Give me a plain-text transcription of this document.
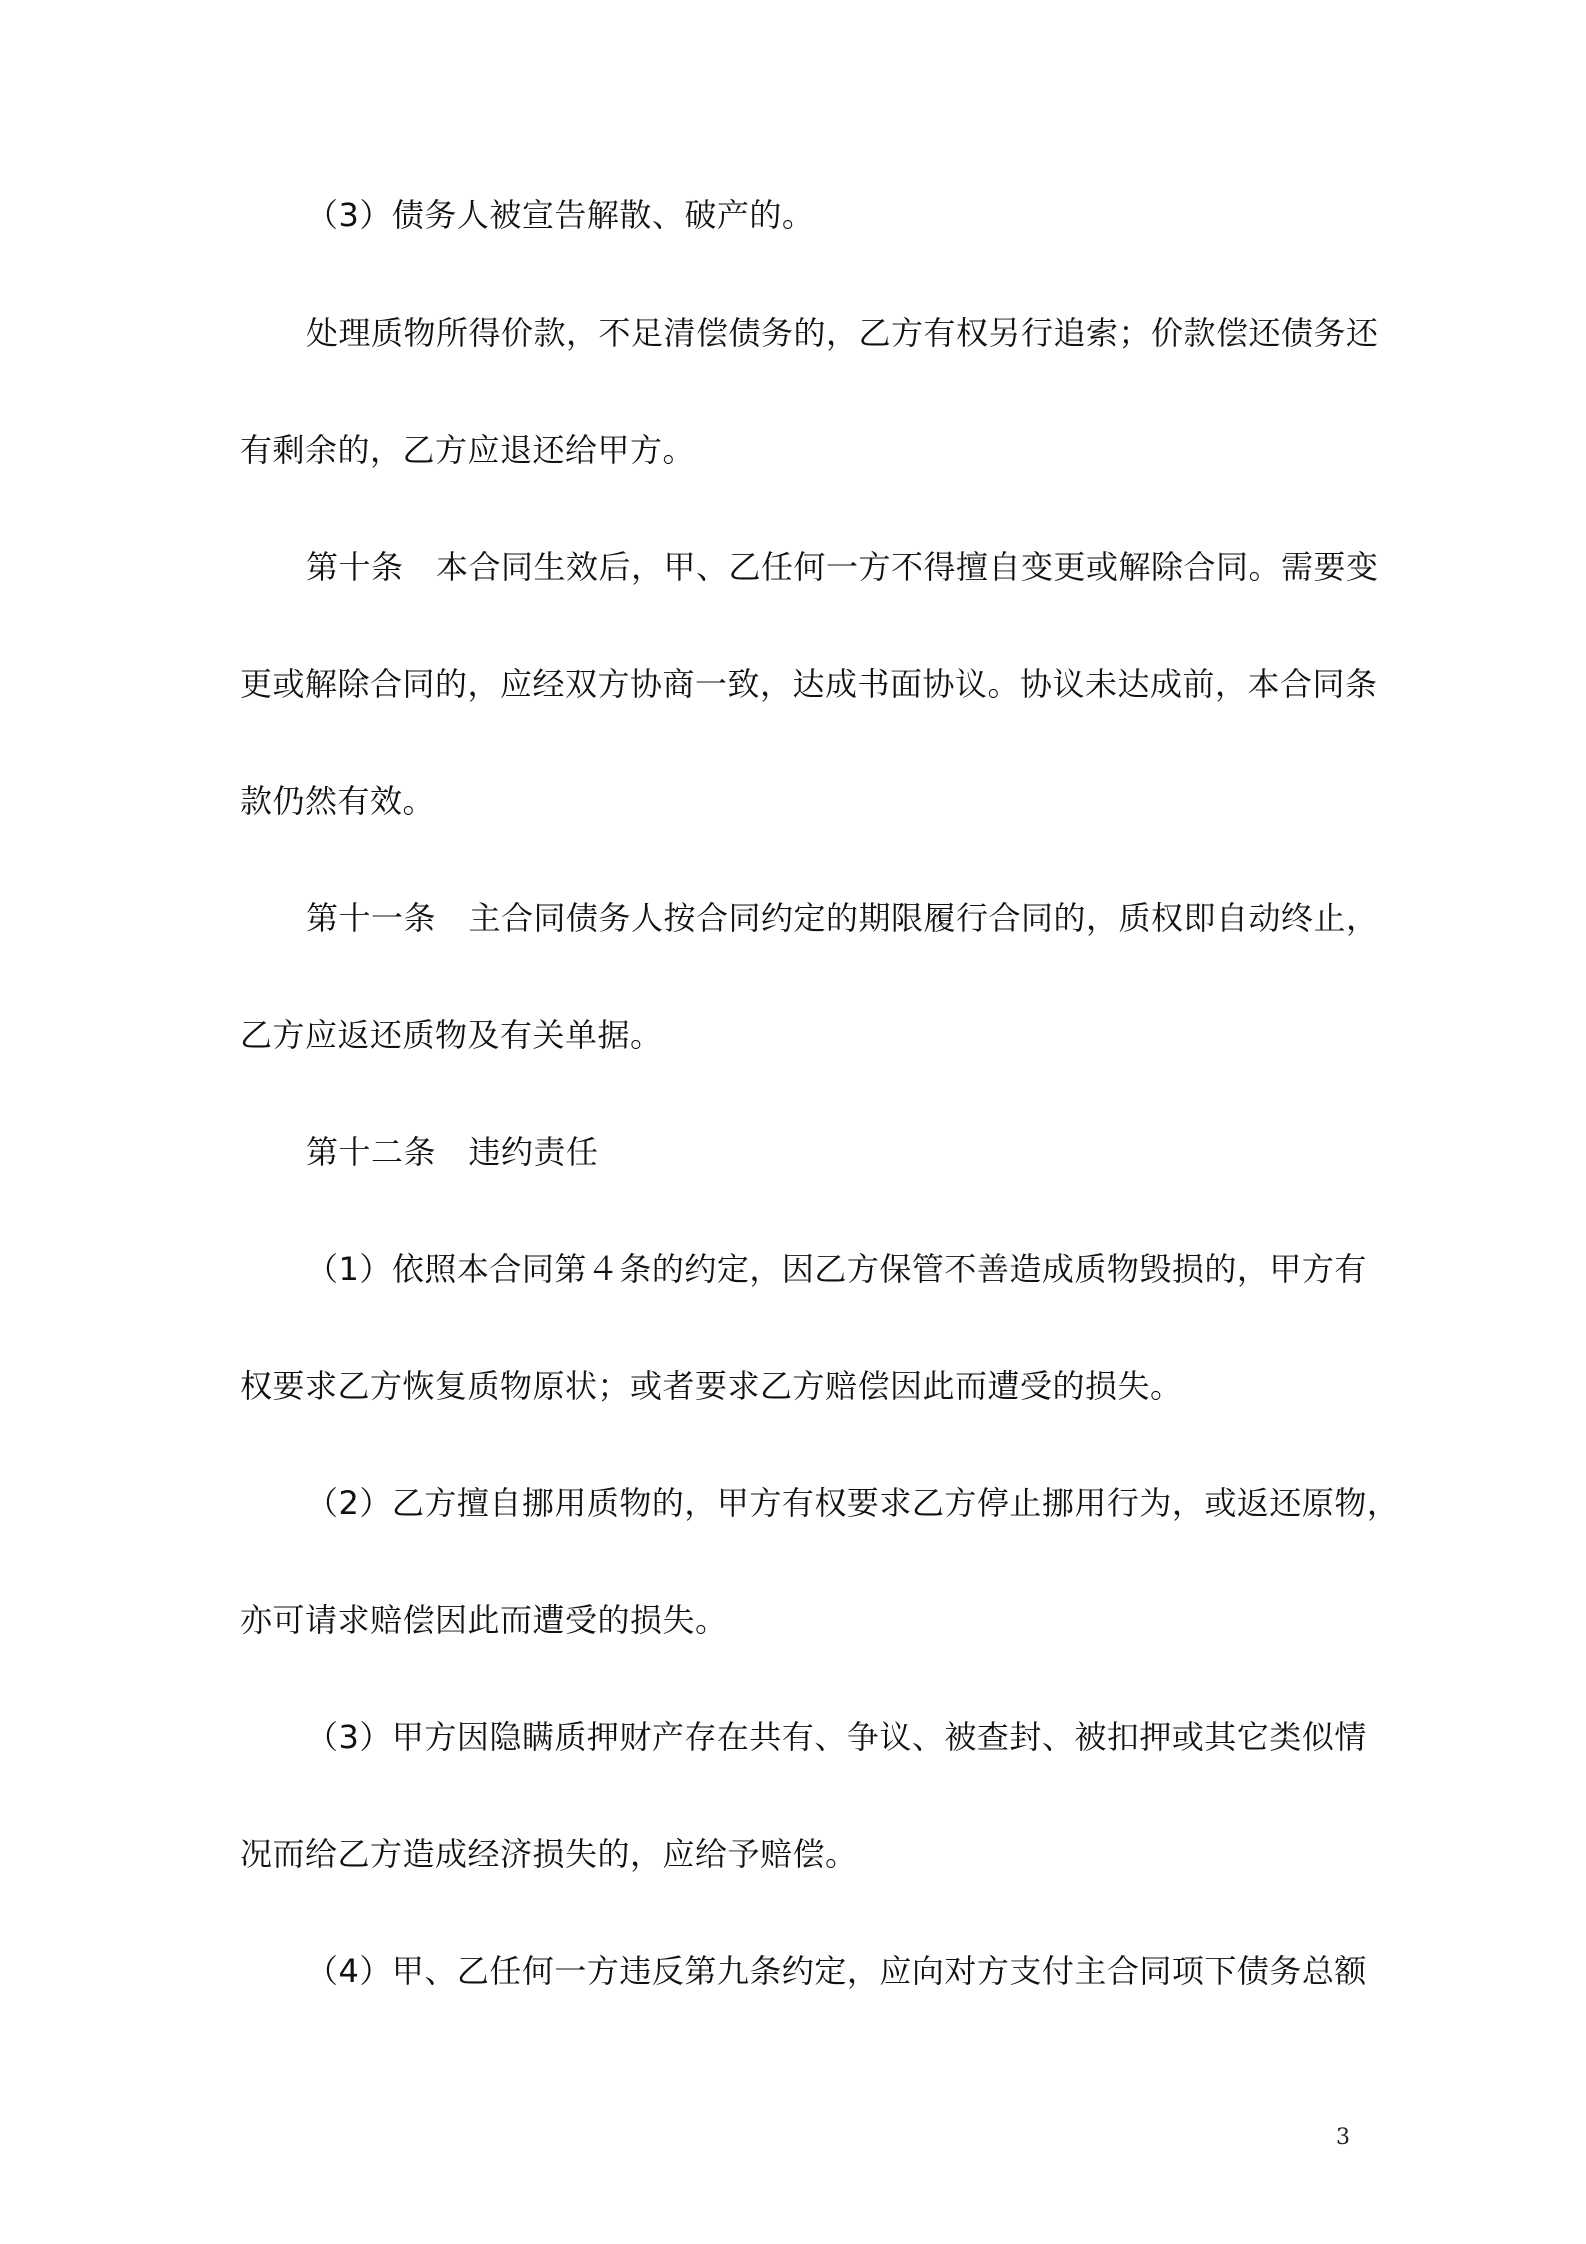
（3）债务人被宣告解散、破产的。
处理质物所得价款，不足清偿债务的，乙方有权另行追索；价款偿还债务还
有剩余的，乙方应退还给甲方。
第十条　本合同生效后，甲、乙任何一方不得擅自变更或解除合同。需要变
更或解除合同的，应经双方协商一致，达成书面协议。协议未达成前，本合同条
款仍然有效。
第十一条　主合同债务人按合同约定的期限履行合同的，质权即自动终止，
乙方应返还质物及有关单据。
第十二条　违约责任
（1）依照本合同第４条的约定，因乙方保管不善造成质物毁损的，甲方有
权要求乙方恢复质物原状；或者要求乙方赔偿因此而遭受的损失。
（2）乙方擅自挪用质物的，甲方有权要求乙方停止挪用行为，或返还原物，
亦可请求赔偿因此而遭受的损失。
（3）甲方因隐瞒质押财产存在共有、争议、被查封、被扣押或其它类似情
况而给乙方造成经济损失的，应给予赔偿。
（4）甲、乙任何一方违反第九条约定，应向对方支付主合同项下债务总额
3
